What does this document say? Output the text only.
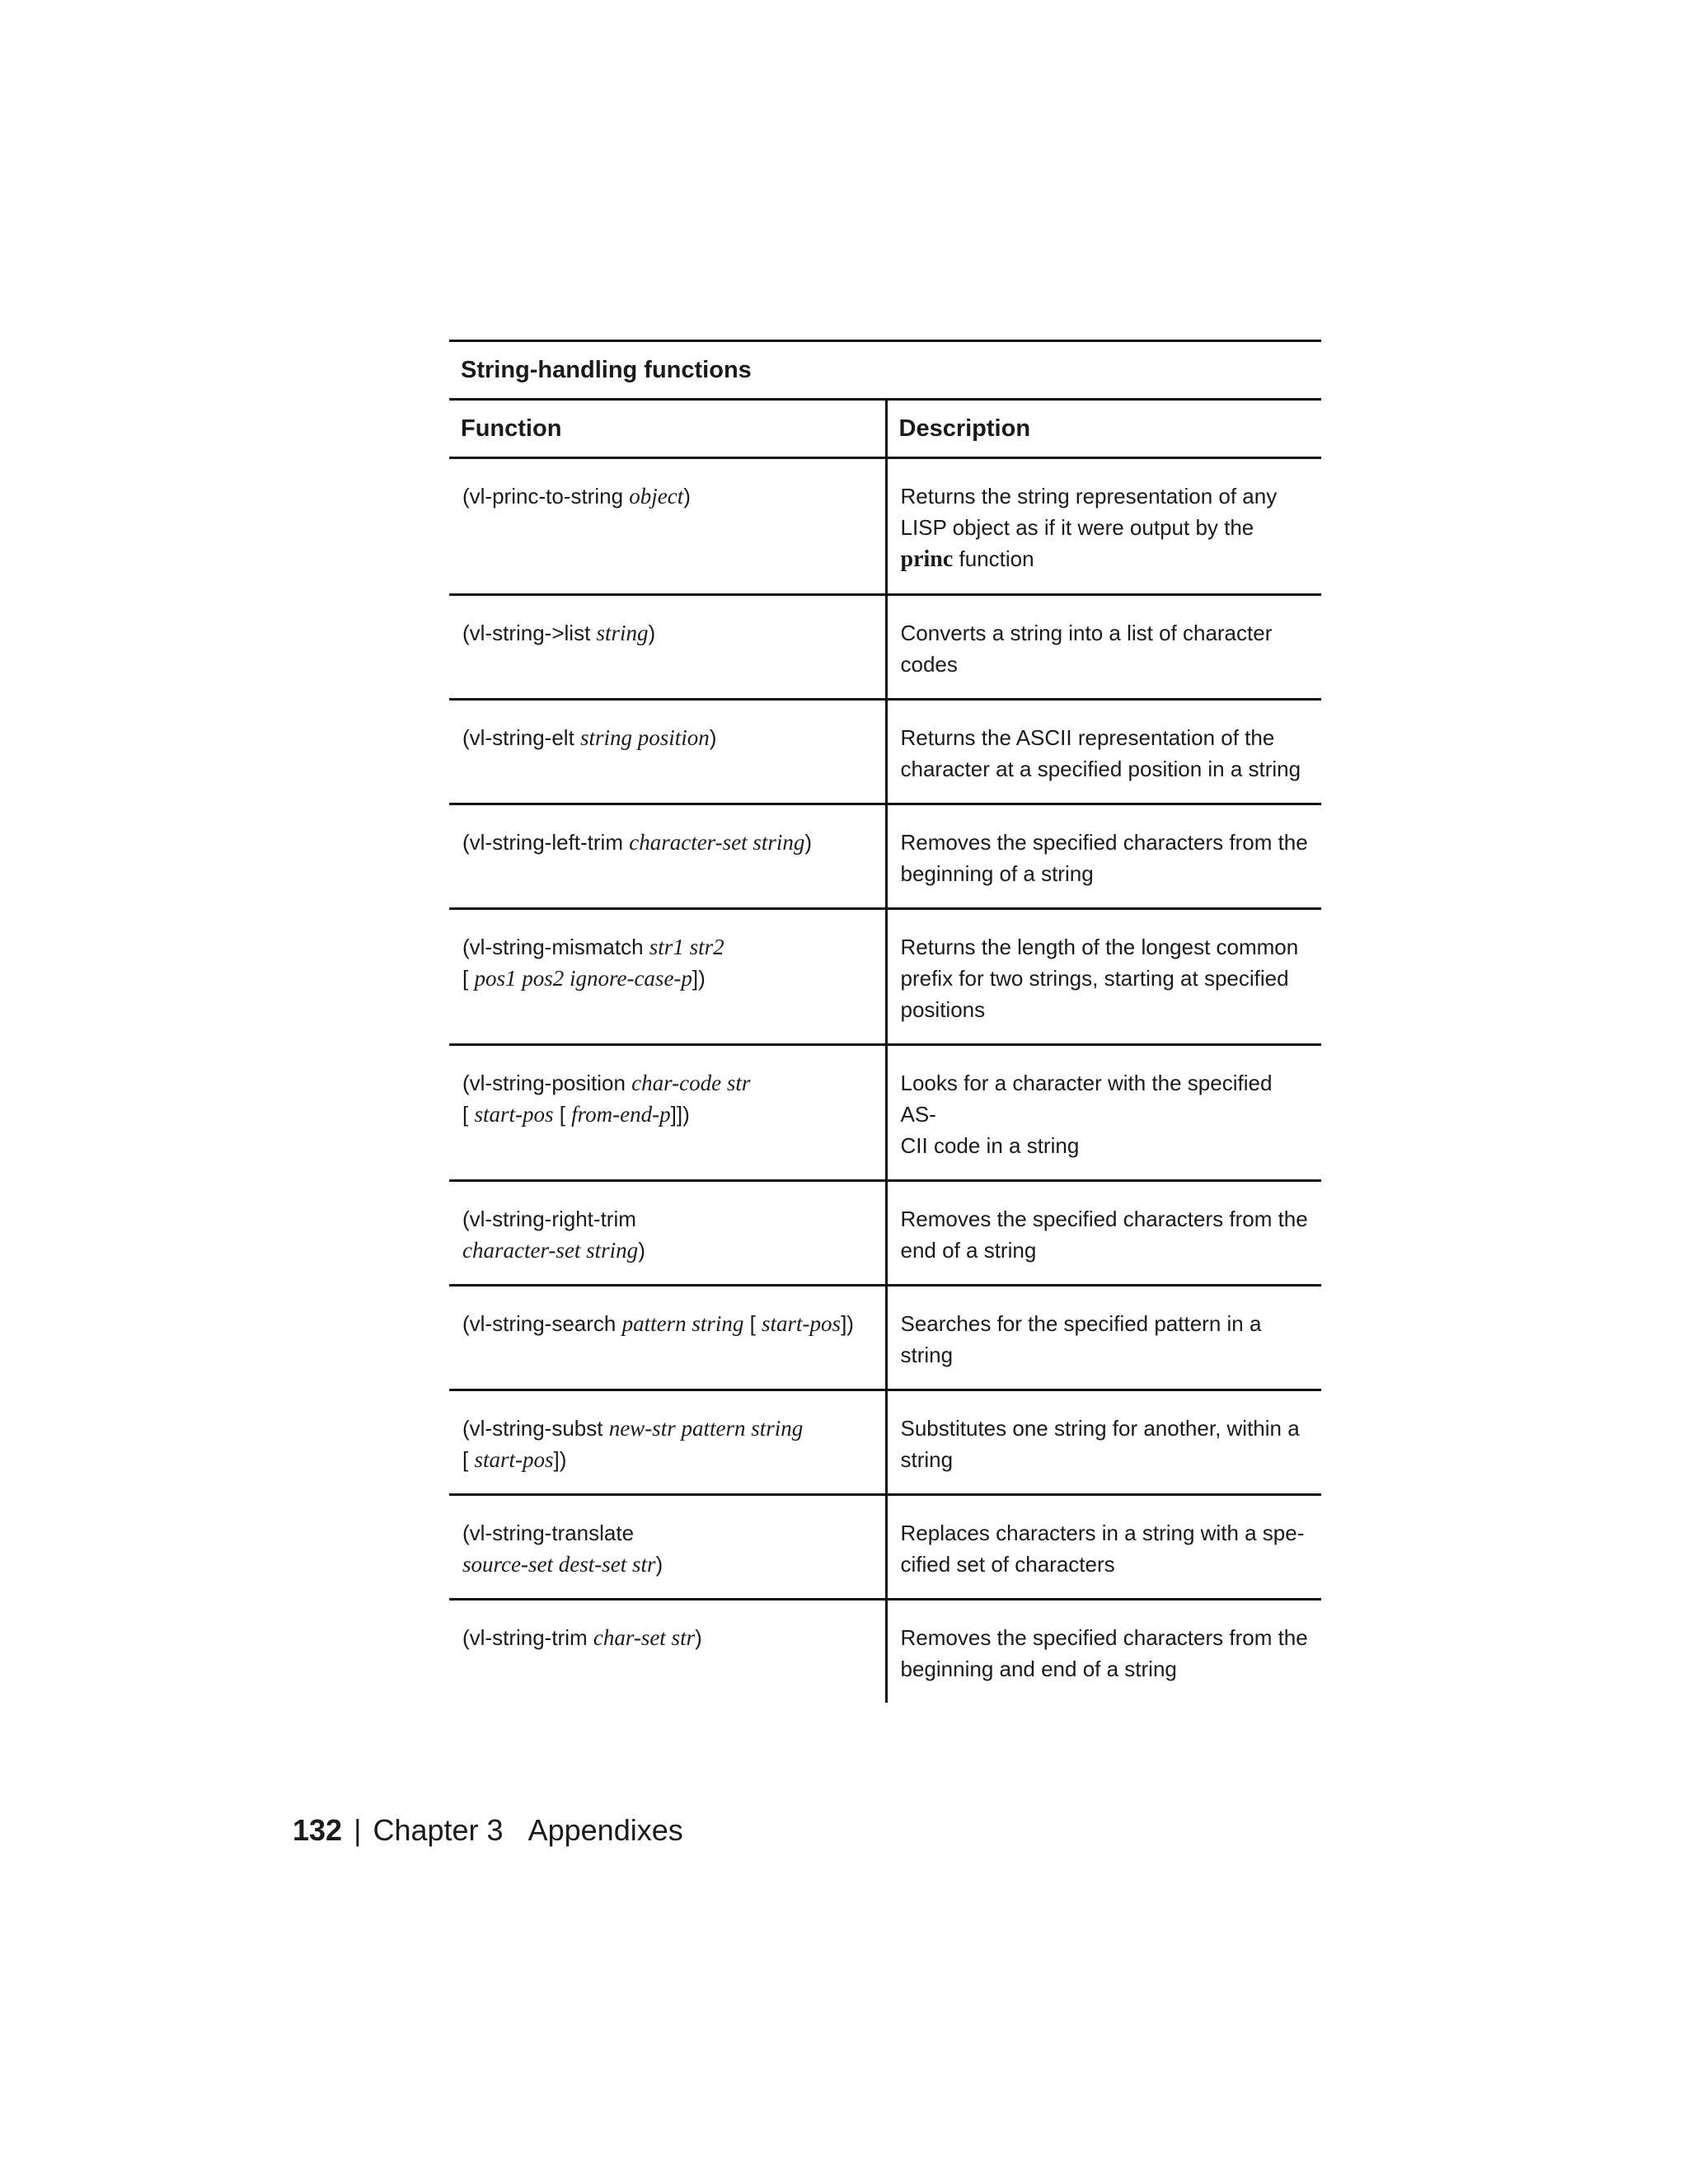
String-handling functions
Function	Description
(vl-princ-to-string object)	Returns the string representation of any LISP object as if it were output by the princ function
(vl-string->list string)	Converts a string into a list of character codes
(vl-string-elt string position)	Returns the ASCII representation of the character at a specified position in a string
(vl-string-left-trim character-set string)	Removes the specified characters from the beginning of a string
(vl-string-mismatch str1 str2
[ pos1 pos2 ignore-case-p])	Returns the length of the longest common prefix for two strings, starting at specified positions
(vl-string-position char-code str
[ start-pos [ from-end-p]])	Looks for a character with the specified AS-
CII code in a string
(vl-string-right-trim
character-set string)	Removes the specified characters from the end of a string
(vl-string-search pattern string [ start-pos])	Searches for the specified pattern in a string
(vl-string-subst new-str pattern string
[ start-pos])	Substitutes one string for another, within a string
(vl-string-translate
source-set dest-set str)	Replaces characters in a string with a spe-
cified set of characters
(vl-string-trim char-set str)	Removes the specified characters from the beginning and end of a string
132 | Chapter 3 Appendixes
